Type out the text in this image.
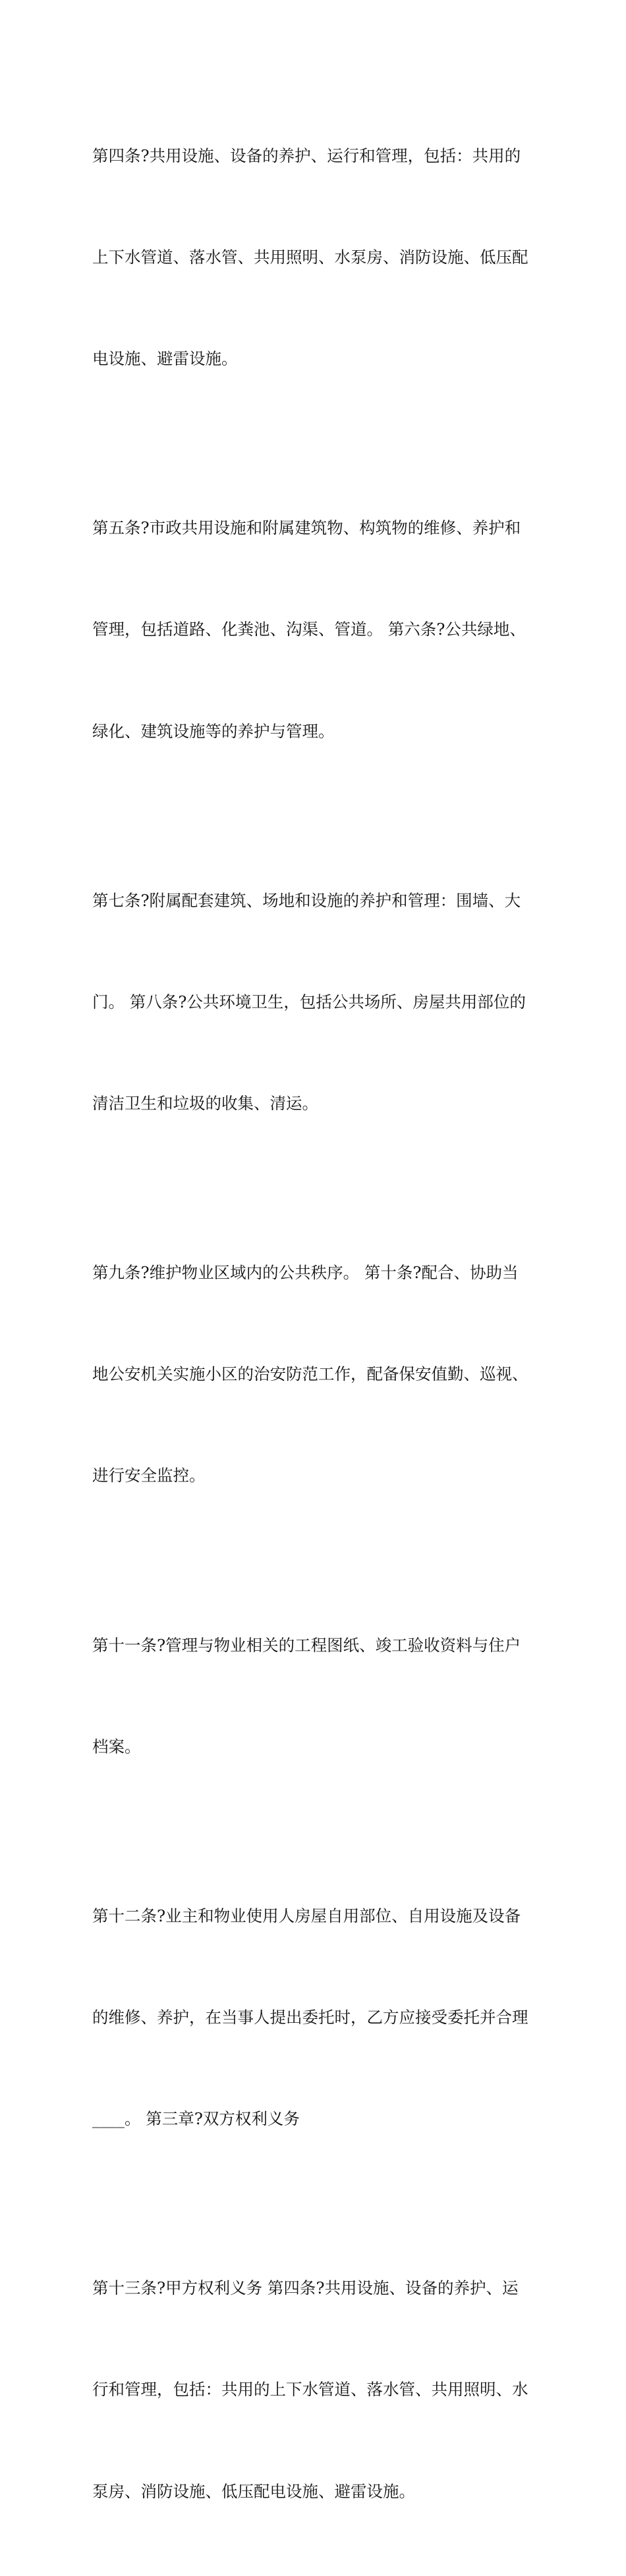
第四条?共用设施、设备的养护、运行和管理，包括：共用的

上下水管道、落水管、共用照明、水泵房、消防设施、低压配

电设施、避雷设施。

第五条?市政共用设施和附属建筑物、构筑物的维修、养护和

管理，包括道路、化粪池、沟渠、管道。 第六条?公共绿地、

绿化、建筑设施等的养护与管理。

第七条?附属配套建筑、场地和设施的养护和管理：围墙、大

门。 第八条?公共环境卫生，包括公共场所、房屋共用部位的

清洁卫生和垃圾的收集、清运。

第九条?维护物业区域内的公共秩序。 第十条?配合、协助当

地公安机关实施小区的治安防范工作，配备保安值勤、巡视、

进行安全监控。

第十一条?管理与物业相关的工程图纸、竣工验收资料与住户

档案。

第十二条?业主和物业使用人房屋自用部位、自用设施及设备

的维修、养护，在当事人提出委托时，乙方应接受委托并合理

____。 第三章?双方权利义务

第十三条?甲方权利义务 第四条?共用设施、设备的养护、运

行和管理，包括：共用的上下水管道、落水管、共用照明、水

泵房、消防设施、低压配电设施、避雷设施。
